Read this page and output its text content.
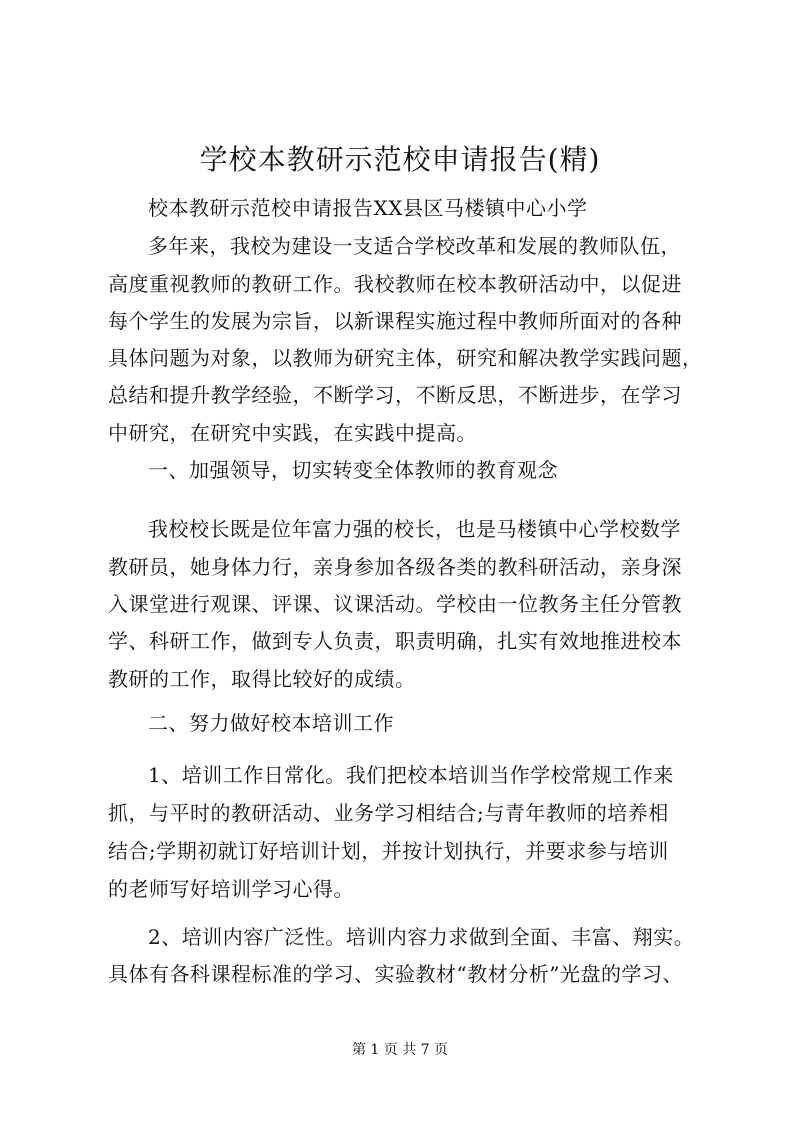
学校本教研示范校申请报告(精)
校本教研示范校申请报告XX县区马楼镇中心小学
多年来，我校为建设一支适合学校改革和发展的教师队伍，
高度重视教师的教研工作。我校教师在校本教研活动中，以促进
每个学生的发展为宗旨，以新课程实施过程中教师所面对的各种
具体问题为对象，以教师为研究主体，研究和解决教学实践问题，
总结和提升教学经验，不断学习，不断反思，不断进步，在学习
中研究，在研究中实践，在实践中提高。
一、加强领导，切实转变全体教师的教育观念
我校校长既是位年富力强的校长，也是马楼镇中心学校数学
教研员，她身体力行，亲身参加各级各类的教科研活动，亲身深
入课堂进行观课、评课、议课活动。学校由一位教务主任分管教
学、科研工作，做到专人负责，职责明确，扎实有效地推进校本
教研的工作，取得比较好的成绩。
二、努力做好校本培训工作
1、培训工作日常化。我们把校本培训当作学校常规工作来
抓，与平时的教研活动、业务学习相结合;与青年教师的培养相
结合;学期初就订好培训计划，并按计划执行，并要求参与培训
的老师写好培训学习心得。
2、培训内容广泛性。培训内容力求做到全面、丰富、翔实。
具体有各科课程标准的学习、实验教材“教材分析”光盘的学习、
第 1 页 共 7 页
